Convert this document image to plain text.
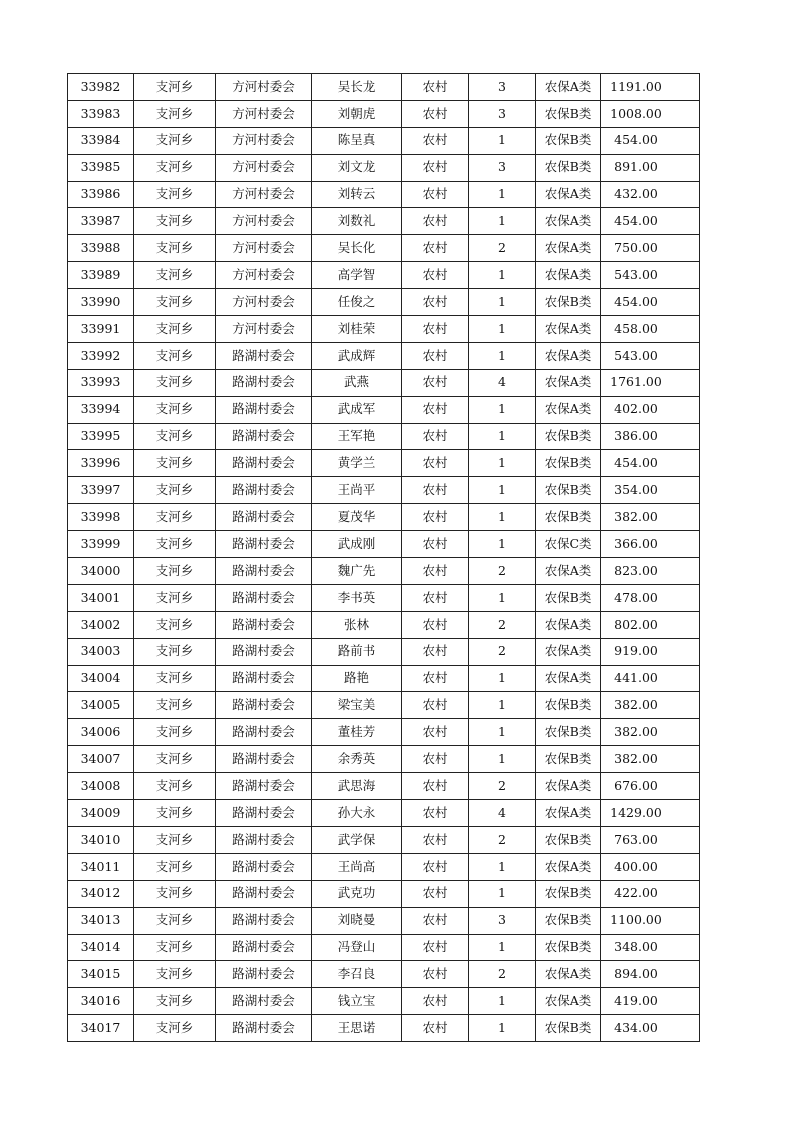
33982	支河乡	方河村委会	吴长龙	农村	3	农保A类	1191.00
33983	支河乡	方河村委会	刘朝虎	农村	3	农保B类	1008.00
33984	支河乡	方河村委会	陈呈真	农村	1	农保B类	454.00
33985	支河乡	方河村委会	刘文龙	农村	3	农保B类	891.00
33986	支河乡	方河村委会	刘转云	农村	1	农保A类	432.00
33987	支河乡	方河村委会	刘数礼	农村	1	农保A类	454.00
33988	支河乡	方河村委会	吴长化	农村	2	农保A类	750.00
33989	支河乡	方河村委会	高学智	农村	1	农保A类	543.00
33990	支河乡	方河村委会	任俊之	农村	1	农保B类	454.00
33991	支河乡	方河村委会	刘桂荣	农村	1	农保A类	458.00
33992	支河乡	路湖村委会	武成辉	农村	1	农保A类	543.00
33993	支河乡	路湖村委会	武燕	农村	4	农保A类	1761.00
33994	支河乡	路湖村委会	武成军	农村	1	农保A类	402.00
33995	支河乡	路湖村委会	王军艳	农村	1	农保B类	386.00
33996	支河乡	路湖村委会	黄学兰	农村	1	农保B类	454.00
33997	支河乡	路湖村委会	王尚平	农村	1	农保B类	354.00
33998	支河乡	路湖村委会	夏茂华	农村	1	农保B类	382.00
33999	支河乡	路湖村委会	武成刚	农村	1	农保C类	366.00
34000	支河乡	路湖村委会	魏广先	农村	2	农保A类	823.00
34001	支河乡	路湖村委会	李书英	农村	1	农保B类	478.00
34002	支河乡	路湖村委会	张林	农村	2	农保A类	802.00
34003	支河乡	路湖村委会	路前书	农村	2	农保A类	919.00
34004	支河乡	路湖村委会	路艳	农村	1	农保A类	441.00
34005	支河乡	路湖村委会	梁宝美	农村	1	农保B类	382.00
34006	支河乡	路湖村委会	董桂芳	农村	1	农保B类	382.00
34007	支河乡	路湖村委会	余秀英	农村	1	农保B类	382.00
34008	支河乡	路湖村委会	武思海	农村	2	农保A类	676.00
34009	支河乡	路湖村委会	孙大永	农村	4	农保A类	1429.00
34010	支河乡	路湖村委会	武学保	农村	2	农保B类	763.00
34011	支河乡	路湖村委会	王尚高	农村	1	农保A类	400.00
34012	支河乡	路湖村委会	武克功	农村	1	农保B类	422.00
34013	支河乡	路湖村委会	刘晓曼	农村	3	农保B类	1100.00
34014	支河乡	路湖村委会	冯登山	农村	1	农保B类	348.00
34015	支河乡	路湖村委会	李召良	农村	2	农保A类	894.00
34016	支河乡	路湖村委会	钱立宝	农村	1	农保A类	419.00
34017	支河乡	路湖村委会	王思诺	农村	1	农保B类	434.00
